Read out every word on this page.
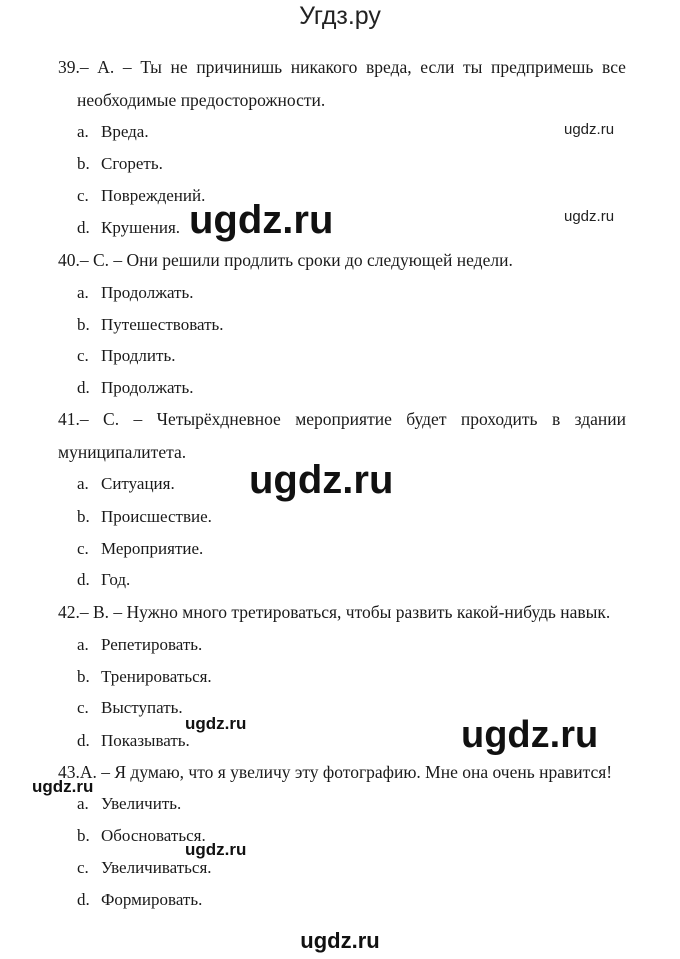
Угдз.ру
39.– А. – Ты не причинишь никакого вреда, если ты предпримешь все
необходимые предосторожности.
a. Вреда.
b. Сгореть.
c. Повреждений.
d. Крушения.
40.– C. – Они решили продлить сроки до следующей недели.
a. Продолжать.
b. Путешествовать.
c. Продлить.
d. Продолжать.
41.– C. – Четырёхдневное мероприятие будет проходить в здании
муниципалитета.
a. Ситуация.
b. Происшествие.
c. Мероприятие.
d. Год.
42.– B. – Нужно много третироваться, чтобы развить какой-нибудь навык.
a. Репетировать.
b. Тренироваться.
c. Выступать.
d. Показывать.
43.A. – Я думаю, что я увеличу эту фотографию. Мне она очень нравится!
a. Увеличить.
b. Обосноваться.
c. Увеличиваться.
d. Формировать.
ugdz.ru
ugdz.ru	ugdz.ru
ugdz.ru
ugdz.ru	ugdz.ru
ugdz.ru
ugdz.ru
ugdz.ru
